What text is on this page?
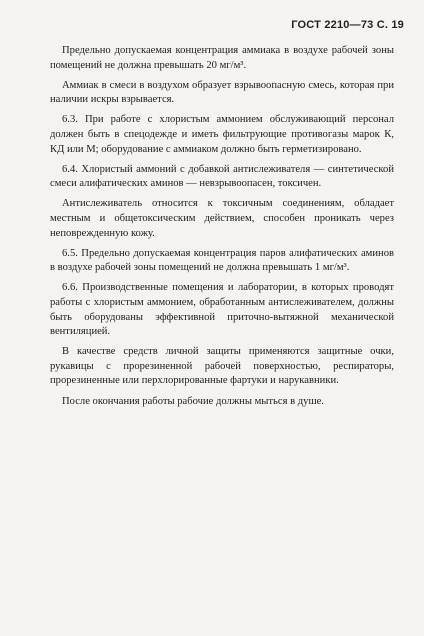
ГОСТ 2210—73 С. 19

Предельно допускаемая концентрация аммиака в воздухе рабочей зоны помещений не должна превышать 20 мг/м³.

Аммиак в смеси в воздухом образует взрывоопасную смесь, которая при наличии искры взрывается.

6.3. При работе с хлористым аммонием обслуживающий персонал должен быть в спецодежде и иметь фильтрующие противогазы марок К, КД или М; оборудование с аммиаком должно быть герметизировано.

6.4. Хлористый аммоний с добавкой антислеживателя — синтетической смеси алифатических аминов — невзрывоопасен, токсичен.

Антислеживатель относится к токсичным соединениям, обладает местным и общетоксическим действием, способен проникать через неповрежденную кожу.

6.5. Предельно допускаемая концентрация паров алифатических аминов в воздухе рабочей зоны помещений не должна превышать 1 мг/м³.

6.6. Производственные помещения и лаборатории, в которых проводят работы с хлористым аммонием, обработанным антислеживателем, должны быть оборудованы эффективной приточно-вытяжной механической вентиляцией.

В качестве средств личной защиты применяются защитные очки, рукавицы с прорезиненной рабочей поверхностью, респираторы, прорезиненные или перхлорированные фартуки и нарукавники.

После окончания работы рабочие должны мыться в душе.
